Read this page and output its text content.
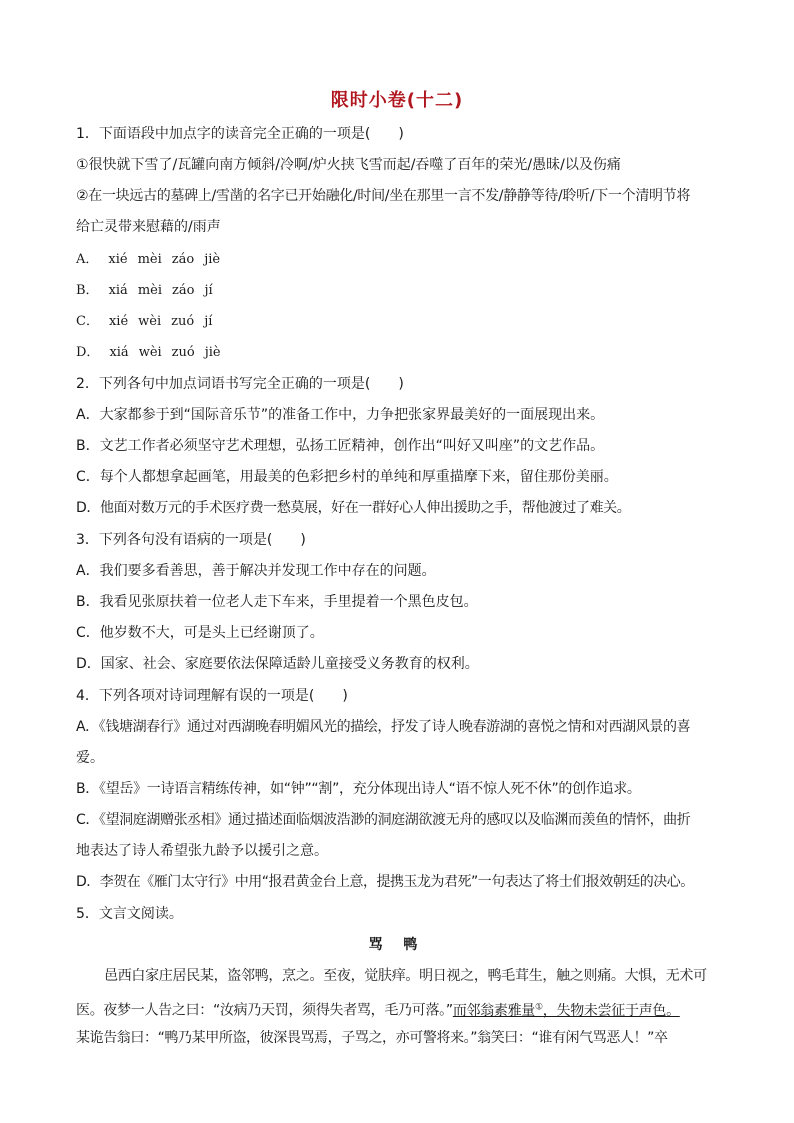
限时小卷(十二)
1．下面语段中加点字的读音完全正确的一项是(　　)
①很快就下雪了/瓦罐向南方倾斜/冷啊/炉火挟飞雪而起/吞噬了百年的荣光/愚昧/以及伤痛
②在一块远古的墓碑上/雪凿的名字已开始融化/时间/坐在那里一言不发/静静等待/聆听/下一个清明节将
给亡灵带来慰藉的/雨声
A． xié mèi záo jiè
B． xiá mèi záo jí
C． xié wèi zuó jí
D． xiá wèi zuó jiè
2．下列各句中加点词语书写完全正确的一项是(　　)
A．大家都参于到“国际音乐节”的准备工作中，力争把张家界最美好的一面展现出来。
B．文艺工作者必须坚守艺术理想，弘扬工匠精神，创作出“叫好又叫座”的文艺作品。
C．每个人都想拿起画笔，用最美的色彩把乡村的单纯和厚重描摩下来，留住那份美丽。
D．他面对数万元的手术医疗费一愁莫展，好在一群好心人伸出援助之手，帮他渡过了难关。
3．下列各句没有语病的一项是(　　)
A．我们要多看善思，善于解决并发现工作中存在的问题。
B．我看见张原扶着一位老人走下车来，手里提着一个黑色皮包。
C．他岁数不大，可是头上已经谢顶了。
D．国家、社会、家庭要依法保障适龄儿童接受义务教育的权利。
4．下列各项对诗词理解有误的一项是(　　)
A．《钱塘湖春行》通过对西湖晚春明媚风光的描绘，抒发了诗人晚春游湖的喜悦之情和对西湖风景的喜
爱。
B．《望岳》一诗语言精练传神，如“钟”“割”，充分体现出诗人“语不惊人死不休”的创作追求。
C．《望洞庭湖赠张丞相》通过描述面临烟波浩渺的洞庭湖欲渡无舟的感叹以及临渊而羡鱼的情怀，曲折
地表达了诗人希望张九龄予以援引之意。
D．李贺在《雁门太守行》中用“报君黄金台上意，提携玉龙为君死”一句表达了将士们报效朝廷的决心。
5．文言文阅读。
骂 鸭
邑西白家庄居民某，盗邻鸭，烹之。至夜，觉肤痒。明日视之，鸭毛茸生，触之则痛。大惧，无术可
医。夜梦一人告之曰：“汝病乃天罚，须得失者骂，毛乃可落。”而邻翁素雅量①，失物未尝征于声色。
某诡告翁曰：“鸭乃某甲所盗，彼深畏骂焉，子骂之，亦可警将来。”翁笑曰：“谁有闲气骂恶人！”卒
